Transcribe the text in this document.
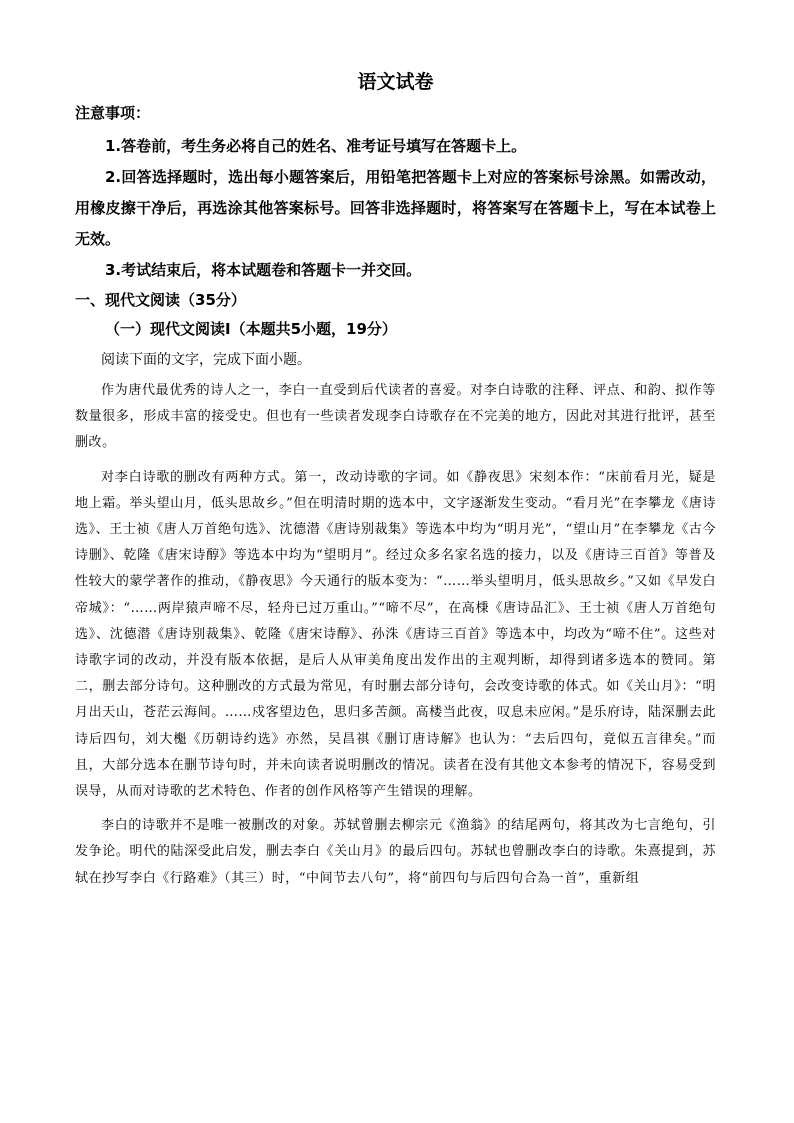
语文试卷

注意事项：

1.答卷前，考生务必将自己的姓名、准考证号填写在答题卡上。

2.回答选择题时，选出每小题答案后，用铅笔把答题卡上对应的答案标号涂黑。如需改动，用橡皮擦干净后，再选涂其他答案标号。回答非选择题时，将答案写在答题卡上，写在本试卷上无效。

3.考试结束后，将本试题卷和答题卡一并交回。

一、现代文阅读（35分）

（一）现代文阅读Ⅰ（本题共5小题，19分）

阅读下面的文字，完成下面小题。

作为唐代最优秀的诗人之一，李白一直受到后代读者的喜爱。对李白诗歌的注释、评点、和韵、拟作等数量很多，形成丰富的接受史。但也有一些读者发现李白诗歌存在不完美的地方，因此对其进行批评，甚至删改。

对李白诗歌的删改有两种方式。第一，改动诗歌的字词。如《静夜思》宋刻本作：“床前看月光，疑是地上霜。举头望山月，低头思故乡。”但在明清时期的选本中，文字逐渐发生变动。“看月光”在李攀龙《唐诗选》、王士祯《唐人万首绝句选》、沈德潜《唐诗别裁集》等选本中均为“明月光”，“望山月”在李攀龙《古今诗删》、乾隆《唐宋诗醇》等选本中均为“望明月”。经过众多名家名选的接力，以及《唐诗三百首》等普及性较大的蒙学著作的推动，《静夜思》今天通行的版本变为：“……举头望明月，低头思故乡。”又如《早发白帝城》：“……两岸猿声啼不尽，轻舟已过万重山。”“啼不尽”，在高棅《唐诗品汇》、王士祯《唐人万首绝句选》、沈德潜《唐诗别裁集》、乾隆《唐宋诗醇》、孙洙《唐诗三百首》等选本中，均改为“啼不住”。这些对诗歌字词的改动，并没有版本依据，是后人从审美角度出发作出的主观判断，却得到诸多选本的赞同。第二，删去部分诗句。这种删改的方式最为常见，有时删去部分诗句，会改变诗歌的体式。如《关山月》：“明月出天山，苍茫云海间。……戍客望边色，思归多苦颜。高楼当此夜，叹息未应闲。”是乐府诗，陆深删去此诗后四句，刘大櫆《历朝诗约选》亦然，吴昌祺《删订唐诗解》也认为：“去后四句，竟似五言律矣。”而且，大部分选本在删节诗句时，并未向读者说明删改的情况。读者在没有其他文本参考的情况下，容易受到误导，从而对诗歌的艺术特色、作者的创作风格等产生错误的理解。

李白的诗歌并不是唯一被删改的对象。苏轼曾删去柳宗元《渔翁》的结尾两句，将其改为七言绝句，引发争论。明代的陆深受此启发，删去李白《关山月》的最后四句。苏轼也曾删改李白的诗歌。朱熹提到，苏轼在抄写李白《行路难》（其三）时，“中间节去八句”，将“前四句与后四句合為一首”，重新组
